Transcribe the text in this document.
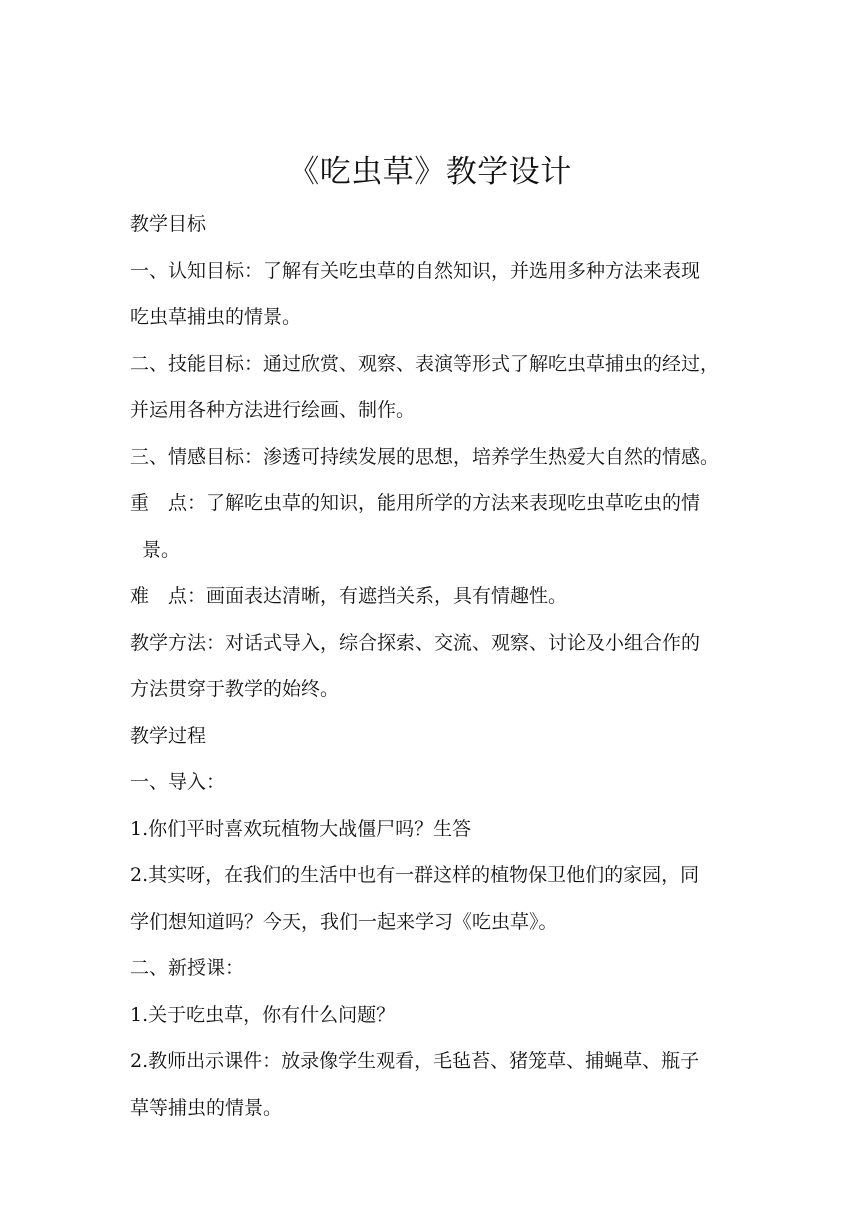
《吃虫草》教学设计

教学目标

一、认知目标：了解有关吃虫草的自然知识，并选用多种方法来表现
吃虫草捕虫的情景。

二、技能目标：通过欣赏、观察、表演等形式了解吃虫草捕虫的经过，
并运用各种方法进行绘画、制作。

三、情感目标：渗透可持续发展的思想，培养学生热爱大自然的情感。

重　点：了解吃虫草的知识，能用所学的方法来表现吃虫草吃虫的情
景。

难　点：画面表达清晰，有遮挡关系，具有情趣性。

教学方法：对话式导入，综合探索、交流、观察、讨论及小组合作的
方法贯穿于教学的始终。

教学过程

一、导入：

1.你们平时喜欢玩植物大战僵尸吗？生答

2.其实呀，在我们的生活中也有一群这样的植物保卫他们的家园，同
学们想知道吗？今天，我们一起来学习《吃虫草》。

二、新授课：

1.关于吃虫草，你有什么问题？

2.教师出示课件：放录像学生观看，毛毡苔、猪笼草、捕蝇草、瓶子
草等捕虫的情景。
